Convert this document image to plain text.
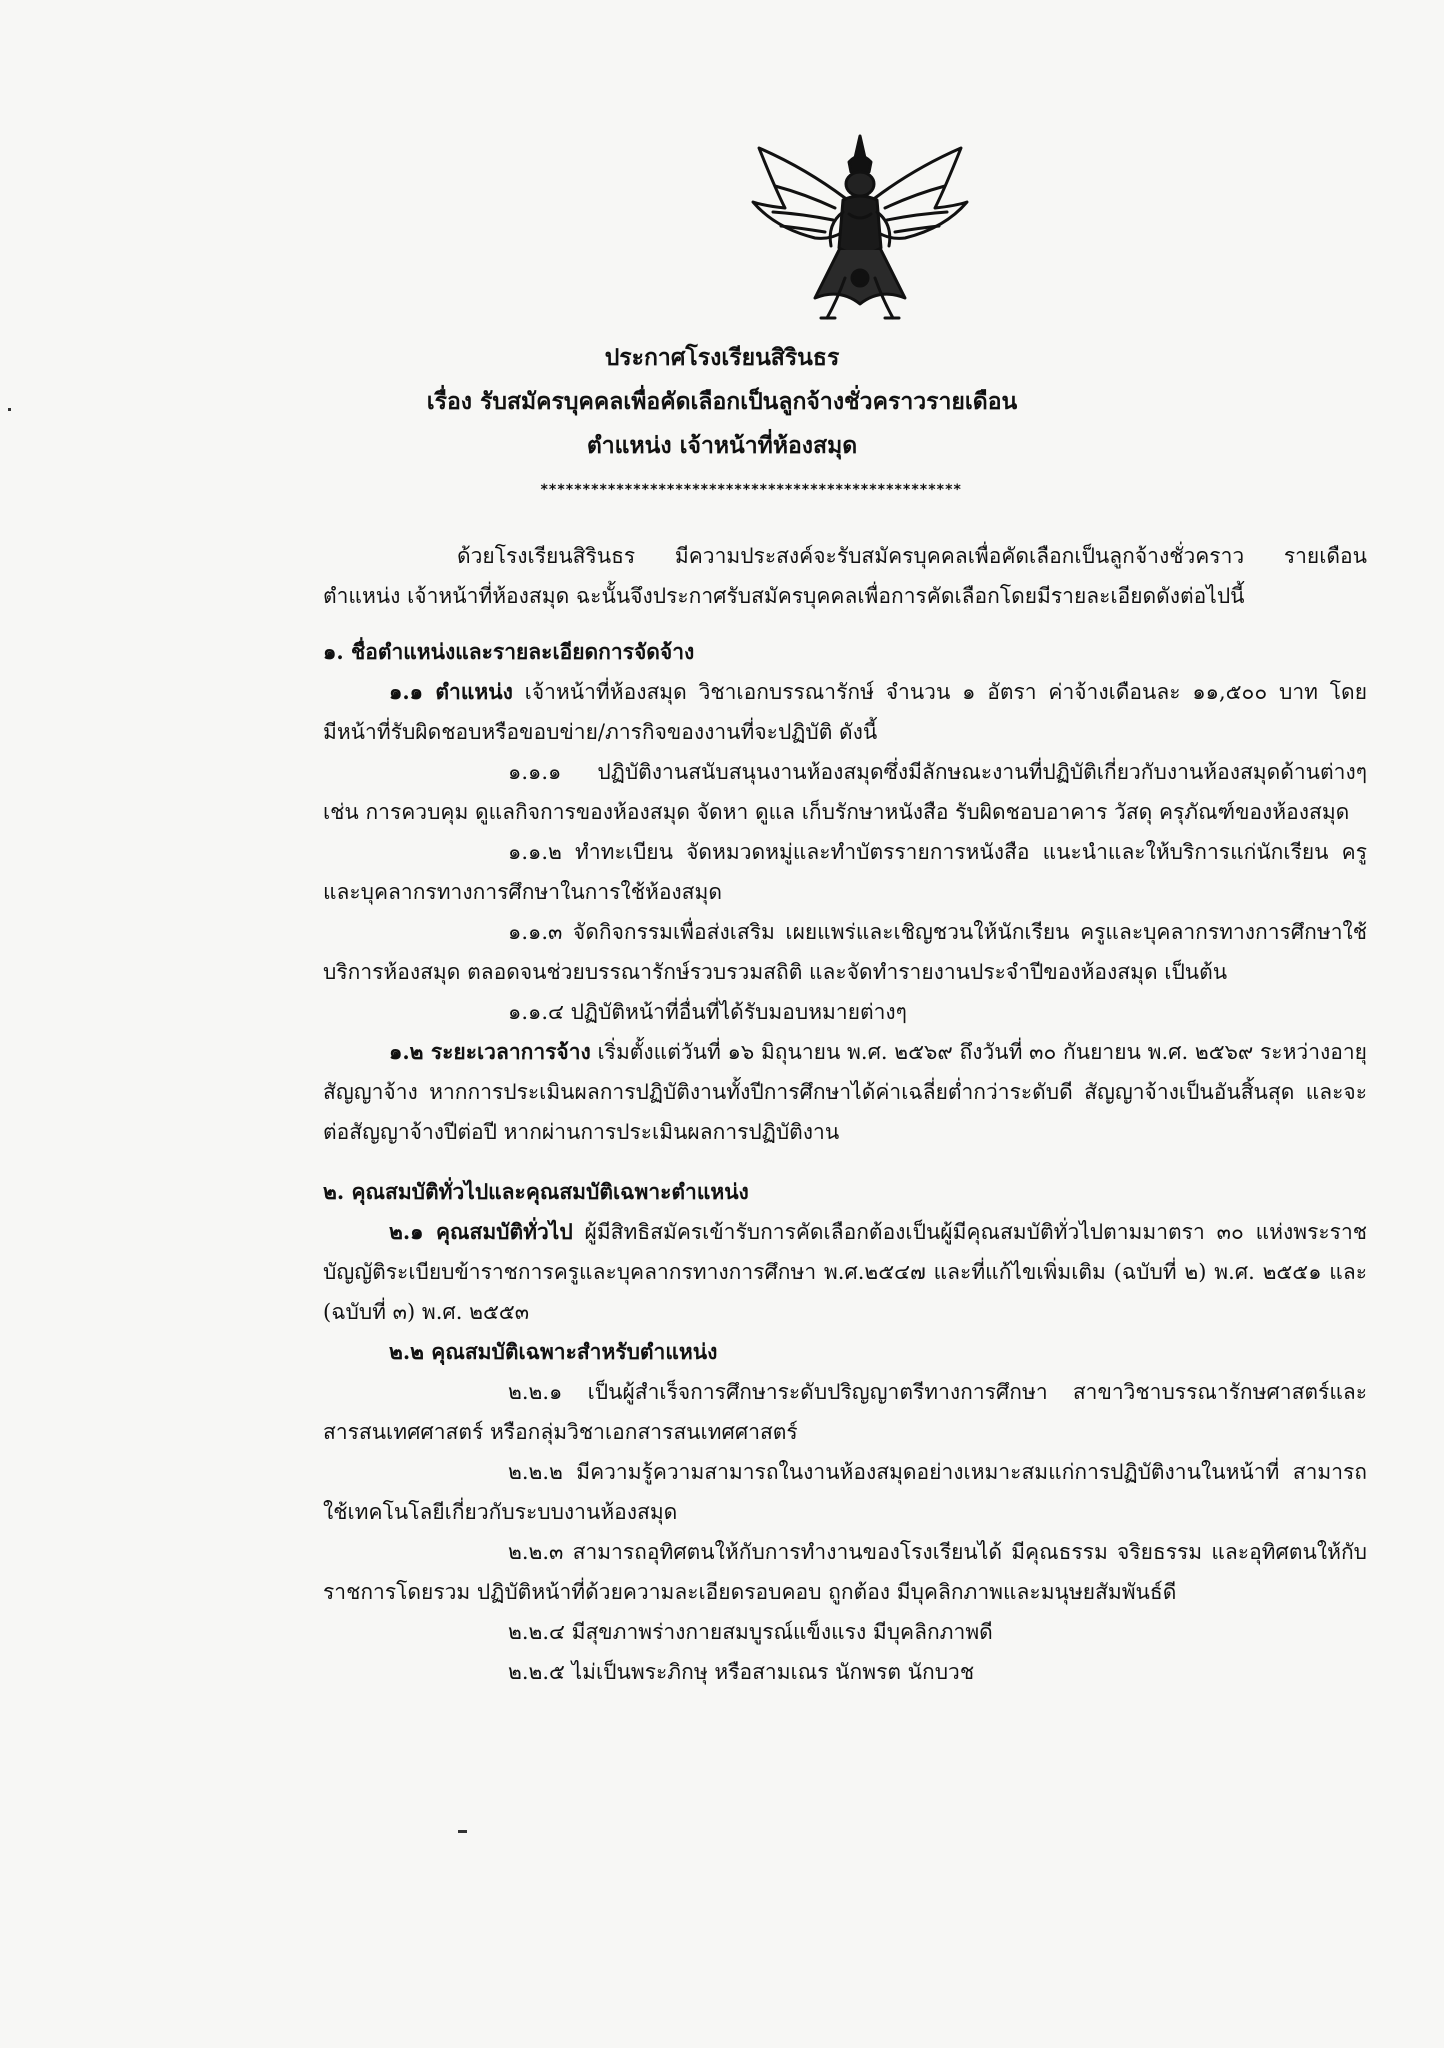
ประกาศโรงเรียนสิรินธร
เรื่อง รับสมัครบุคคลเพื่อคัดเลือกเป็นลูกจ้างชั่วคราวรายเดือน
ตำแหน่ง เจ้าหน้าที่ห้องสมุด
**************************************************

ด้วยโรงเรียนสิรินธร มีความประสงค์จะรับสมัครบุคคลเพื่อคัดเลือกเป็นลูกจ้างชั่วคราว รายเดือน ตำแหน่ง เจ้าหน้าที่ห้องสมุด ฉะนั้นจึงประกาศรับสมัครบุคคลเพื่อการคัดเลือกโดยมีรายละเอียดดังต่อไปนี้

๑. ชื่อตำแหน่งและรายละเอียดการจัดจ้าง

๑.๑ ตำแหน่ง เจ้าหน้าที่ห้องสมุด วิชาเอกบรรณารักษ์ จำนวน ๑ อัตรา ค่าจ้างเดือนละ ๑๑,๕๐๐ บาท โดยมีหน้าที่รับผิดชอบหรือขอบข่าย/ภารกิจของงานที่จะปฏิบัติ ดังนี้

๑.๑.๑ ปฏิบัติงานสนับสนุนงานห้องสมุดซึ่งมีลักษณะงานที่ปฏิบัติเกี่ยวกับงานห้องสมุดด้านต่างๆ เช่น การควบคุม ดูแลกิจการของห้องสมุด จัดหา ดูแล เก็บรักษาหนังสือ รับผิดชอบอาคาร วัสดุ ครุภัณฑ์ของห้องสมุด

๑.๑.๒ ทำทะเบียน จัดหมวดหมู่และทำบัตรรายการหนังสือ แนะนำและให้บริการแก่นักเรียน ครูและบุคลากรทางการศึกษาในการใช้ห้องสมุด

๑.๑.๓ จัดกิจกรรมเพื่อส่งเสริม เผยแพร่และเชิญชวนให้นักเรียน ครูและบุคลากรทางการศึกษาใช้บริการห้องสมุด ตลอดจนช่วยบรรณารักษ์รวบรวมสถิติ และจัดทำรายงานประจำปีของห้องสมุด เป็นต้น

๑.๑.๔ ปฏิบัติหน้าที่อื่นที่ได้รับมอบหมายต่างๆ

๑.๒ ระยะเวลาการจ้าง เริ่มตั้งแต่วันที่ ๑๖ มิถุนายน พ.ศ. ๒๕๖๙ ถึงวันที่ ๓๐ กันยายน พ.ศ. ๒๕๖๙ ระหว่างอายุสัญญาจ้าง หากการประเมินผลการปฏิบัติงานทั้งปีการศึกษาได้ค่าเฉลี่ยต่ำกว่าระดับดี สัญญาจ้างเป็นอันสิ้นสุด และจะต่อสัญญาจ้างปีต่อปี หากผ่านการประเมินผลการปฏิบัติงาน

๒. คุณสมบัติทั่วไปและคุณสมบัติเฉพาะตำแหน่ง

๒.๑ คุณสมบัติทั่วไป ผู้มีสิทธิสมัครเข้ารับการคัดเลือกต้องเป็นผู้มีคุณสมบัติทั่วไปตามมาตรา ๓๐ แห่งพระราชบัญญัติระเบียบข้าราชการครูและบุคลากรทางการศึกษา พ.ศ.๒๕๔๗ และที่แก้ไขเพิ่มเติม (ฉบับที่ ๒) พ.ศ. ๒๕๕๑ และ (ฉบับที่ ๓) พ.ศ. ๒๕๕๓

๒.๒ คุณสมบัติเฉพาะสำหรับตำแหน่ง

๒.๒.๑ เป็นผู้สำเร็จการศึกษาระดับปริญญาตรีทางการศึกษา สาขาวิชาบรรณารักษศาสตร์และสารสนเทศศาสตร์ หรือกลุ่มวิชาเอกสารสนเทศศาสตร์

๒.๒.๒ มีความรู้ความสามารถในงานห้องสมุดอย่างเหมาะสมแก่การปฏิบัติงานในหน้าที่ สามารถใช้เทคโนโลยีเกี่ยวกับระบบงานห้องสมุด

๒.๒.๓ สามารถอุทิศตนให้กับการทำงานของโรงเรียนได้ มีคุณธรรม จริยธรรม และอุทิศตนให้กับราชการโดยรวม ปฏิบัติหน้าที่ด้วยความละเอียดรอบคอบ ถูกต้อง มีบุคลิกภาพและมนุษยสัมพันธ์ดี

๒.๒.๔ มีสุขภาพร่างกายสมบูรณ์แข็งแรง มีบุคลิกภาพดี

๒.๒.๕ ไม่เป็นพระภิกษุ หรือสามเณร นักพรต นักบวช
